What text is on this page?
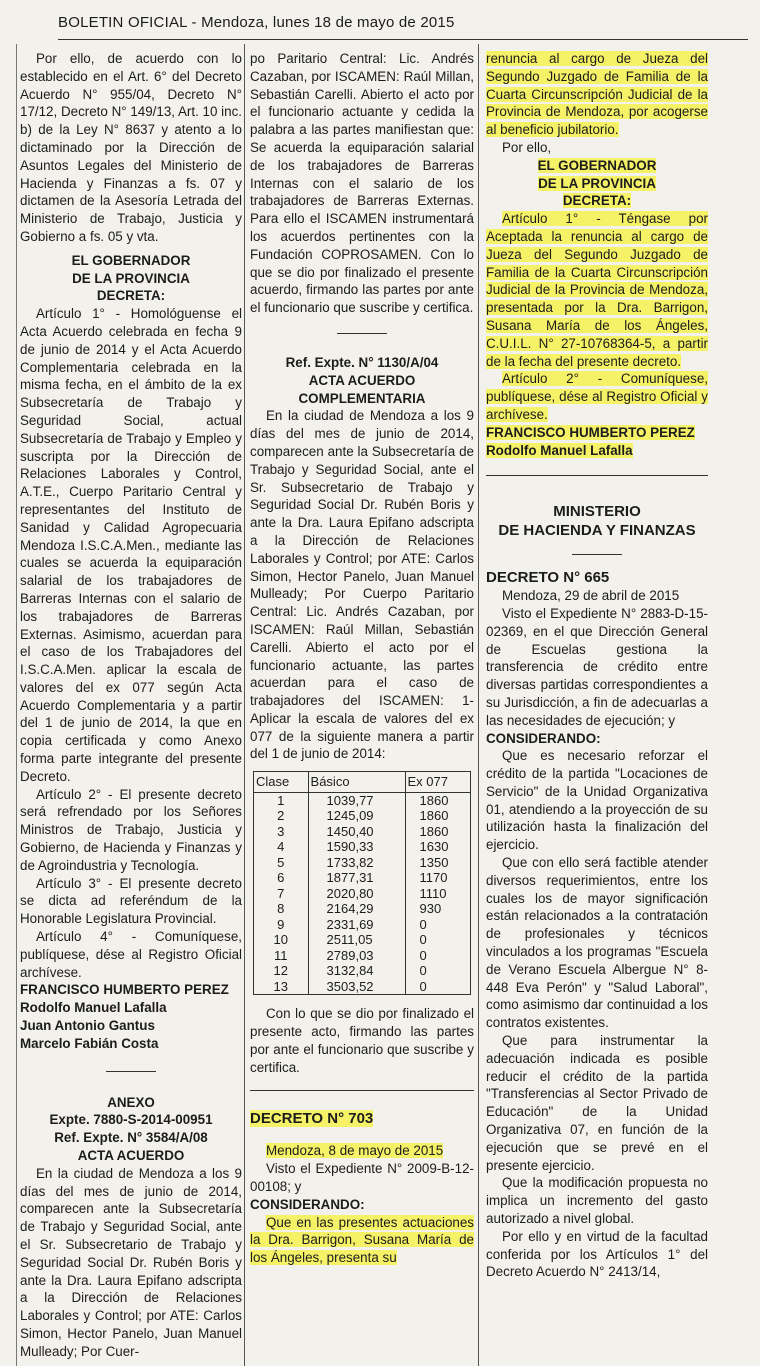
BOLETIN OFICIAL - Mendoza, lunes 18 de mayo de 2015

Por ello, de acuerdo con lo establecido en el Art. 6° del Decreto Acuerdo N° 955/04, Decreto N° 17/12, Decreto N° 149/13, Art. 10 inc. b) de la Ley N° 8637 y atento a lo dictaminado por la Dirección de Asuntos Legales del Ministerio de Hacienda y Finanzas a fs. 07 y dictamen de la Asesoría Letrada del Ministerio de Trabajo, Justicia y Gobierno a fs. 05 y vta.

EL GOBERNADOR

DE LA PROVINCIA

DECRETA:

Artículo 1° - Homológuense el Acta Acuerdo celebrada en fecha 9 de junio de 2014 y el Acta Acuerdo Complementaria celebrada en la misma fecha, en el ámbito de la ex Subsecretaría de Trabajo y Seguridad Social, actual Subsecretaría de Trabajo y Empleo y suscripta por la Dirección de Relaciones Laborales y Control, A.T.E., Cuerpo Paritario Central y representantes del Instituto de Sanidad y Calidad Agropecuaria Mendoza I.S.C.A.Men., mediante las cuales se acuerda la equiparación salarial de los trabajadores de Barreras Internas con el salario de los trabajadores de Barreras Externas. Asimismo, acuerdan para el caso de los Trabajadores del I.S.C.A.Men. aplicar la escala de valores del ex 077 según Acta Acuerdo Complementaria y a partir del 1 de junio de 2014, la que en copia certificada y como Anexo forma parte integrante del presente Decreto.

Artículo 2° - El presente decreto será refrendado por los Señores Ministros de Trabajo, Justicia y Gobierno, de Hacienda y Finanzas y de Agroindustria y Tecnología.

Artículo 3° - El presente decreto se dicta ad referéndum de la Honorable Legislatura Provincial.

Artículo 4° - Comuníquese, publíquese, dése al Registro Oficial archívese.

FRANCISCO HUMBERTO PEREZ

Rodolfo Manuel Lafalla

Juan Antonio Gantus

Marcelo Fabián Costa

ANEXO

Expte. 7880-S-2014-00951

Ref. Expte. N° 3584/A/08

ACTA ACUERDO

En la ciudad de Mendoza a los 9 días del mes de junio de 2014, comparecen ante la Subsecretaría de Trabajo y Seguridad Social, ante el Sr. Subsecretario de Trabajo y Seguridad Social Dr. Rubén Boris y ante la Dra. Laura Epifano adscripta a la Dirección de Relaciones Laborales y Control; por ATE: Carlos Simon, Hector Panelo, Juan Manuel Mulleady; Por Cuer-

po Paritario Central: Lic. Andrés Cazaban, por ISCAMEN: Raúl Millan, Sebastián Carelli. Abierto el acto por el funcionario actuante y cedida la palabra a las partes manifiestan que: Se acuerda la equiparación salarial de los trabajadores de Barreras Internas con el salario de los trabajadores de Barreras Externas. Para ello el ISCAMEN instrumentará los acuerdos pertinentes con la Fundación COPROSAMEN. Con lo que se dio por finalizado el presente acuerdo, firmando las partes por ante el funcionario que suscribe y certifica.

Ref. Expte. N° 1130/A/04

ACTA ACUERDO

COMPLEMENTARIA

En la ciudad de Mendoza a los 9 días del mes de junio de 2014, comparecen ante la Subsecretaría de Trabajo y Seguridad Social, ante el Sr. Subsecretario de Trabajo y Seguridad Social Dr. Rubén Boris y ante la Dra. Laura Epifano adscripta a la Dirección de Relaciones Laborales y Control; por ATE: Carlos Simon, Hector Panelo, Juan Manuel Mulleady; Por Cuerpo Paritario Central: Lic. Andrés Cazaban, por ISCAMEN: Raúl Millan, Sebastián Carelli. Abierto el acto por el funcionario actuante, las partes acuerdan para el caso de trabajadores del ISCAMEN: 1- Aplicar la escala de valores del ex 077 de la siguiente manera a partir del 1 de junio de 2014:

Clase	Básico	Ex 077
1	1039,77	1860
2	1245,09	1860
3	1450,40	1860
4	1590,33	1630
5	1733,82	1350
6	1877,31	1170
7	2020,80	1110
8	2164,29	930
9	2331,69	0
10	2511,05	0
11	2789,03	0
12	3132,84	0
13	3503,52	0

Con lo que se dio por finalizado el presente acto, firmando las partes por ante el funcionario que suscribe y certifica.

DECRETO N° 703

Mendoza, 8 de mayo de 2015

Visto el Expediente N° 2009-B-12-00108; y

CONSIDERANDO:

Que en las presentes actuaciones la Dra. Barrigon, Susana María de los Ángeles, presenta su

renuncia al cargo de Jueza del Segundo Juzgado de Familia de la Cuarta Circunscripción Judicial de la Provincia de Mendoza, por acogerse al beneficio jubilatorio.

Por ello,

EL GOBERNADOR

DE LA PROVINCIA

DECRETA:

Artículo 1° - Téngase por Aceptada la renuncia al cargo de Jueza del Segundo Juzgado de Familia de la Cuarta Circunscripción Judicial de la Provincia de Mendoza, presentada por la Dra. Barrigon, Susana María de los Ángeles, C.U.I.L. N° 27-10768364-5, a partir de la fecha del presente decreto.

Artículo 2° - Comuníquese, publíquese, dése al Registro Oficial y archívese.

FRANCISCO HUMBERTO PEREZ

Rodolfo Manuel Lafalla

MINISTERIO

DE HACIENDA Y FINANZAS

DECRETO N° 665

Mendoza, 29 de abril de 2015

Visto el Expediente N° 2883-D-15-02369, en el que Dirección General de Escuelas gestiona la transferencia de crédito entre diversas partidas correspondientes a su Jurisdicción, a fin de adecuarlas a las necesidades de ejecución; y

CONSIDERANDO:

Que es necesario reforzar el crédito de la partida "Locaciones de Servicio" de la Unidad Organizativa 01, atendiendo a la proyección de su utilización hasta la finalización del ejercicio.

Que con ello será factible atender diversos requerimientos, entre los cuales los de mayor significación están relacionados a la contratación de profesionales y técnicos vinculados a los programas "Escuela de Verano Escuela Albergue N° 8-448 Eva Perón" y "Salud Laboral", como asimismo dar continuidad a los contratos existentes.

Que para instrumentar la adecuación indicada es posible reducir el crédito de la partida "Transferencias al Sector Privado de Educación" de la Unidad Organizativa 07, en función de la ejecución que se prevé en el presente ejercicio.

Que la modificación propuesta no implica un incremento del gasto autorizado a nivel global.

Por ello y en virtud de la facultad conferida por los Artículos 1° del Decreto Acuerdo N° 2413/14,
